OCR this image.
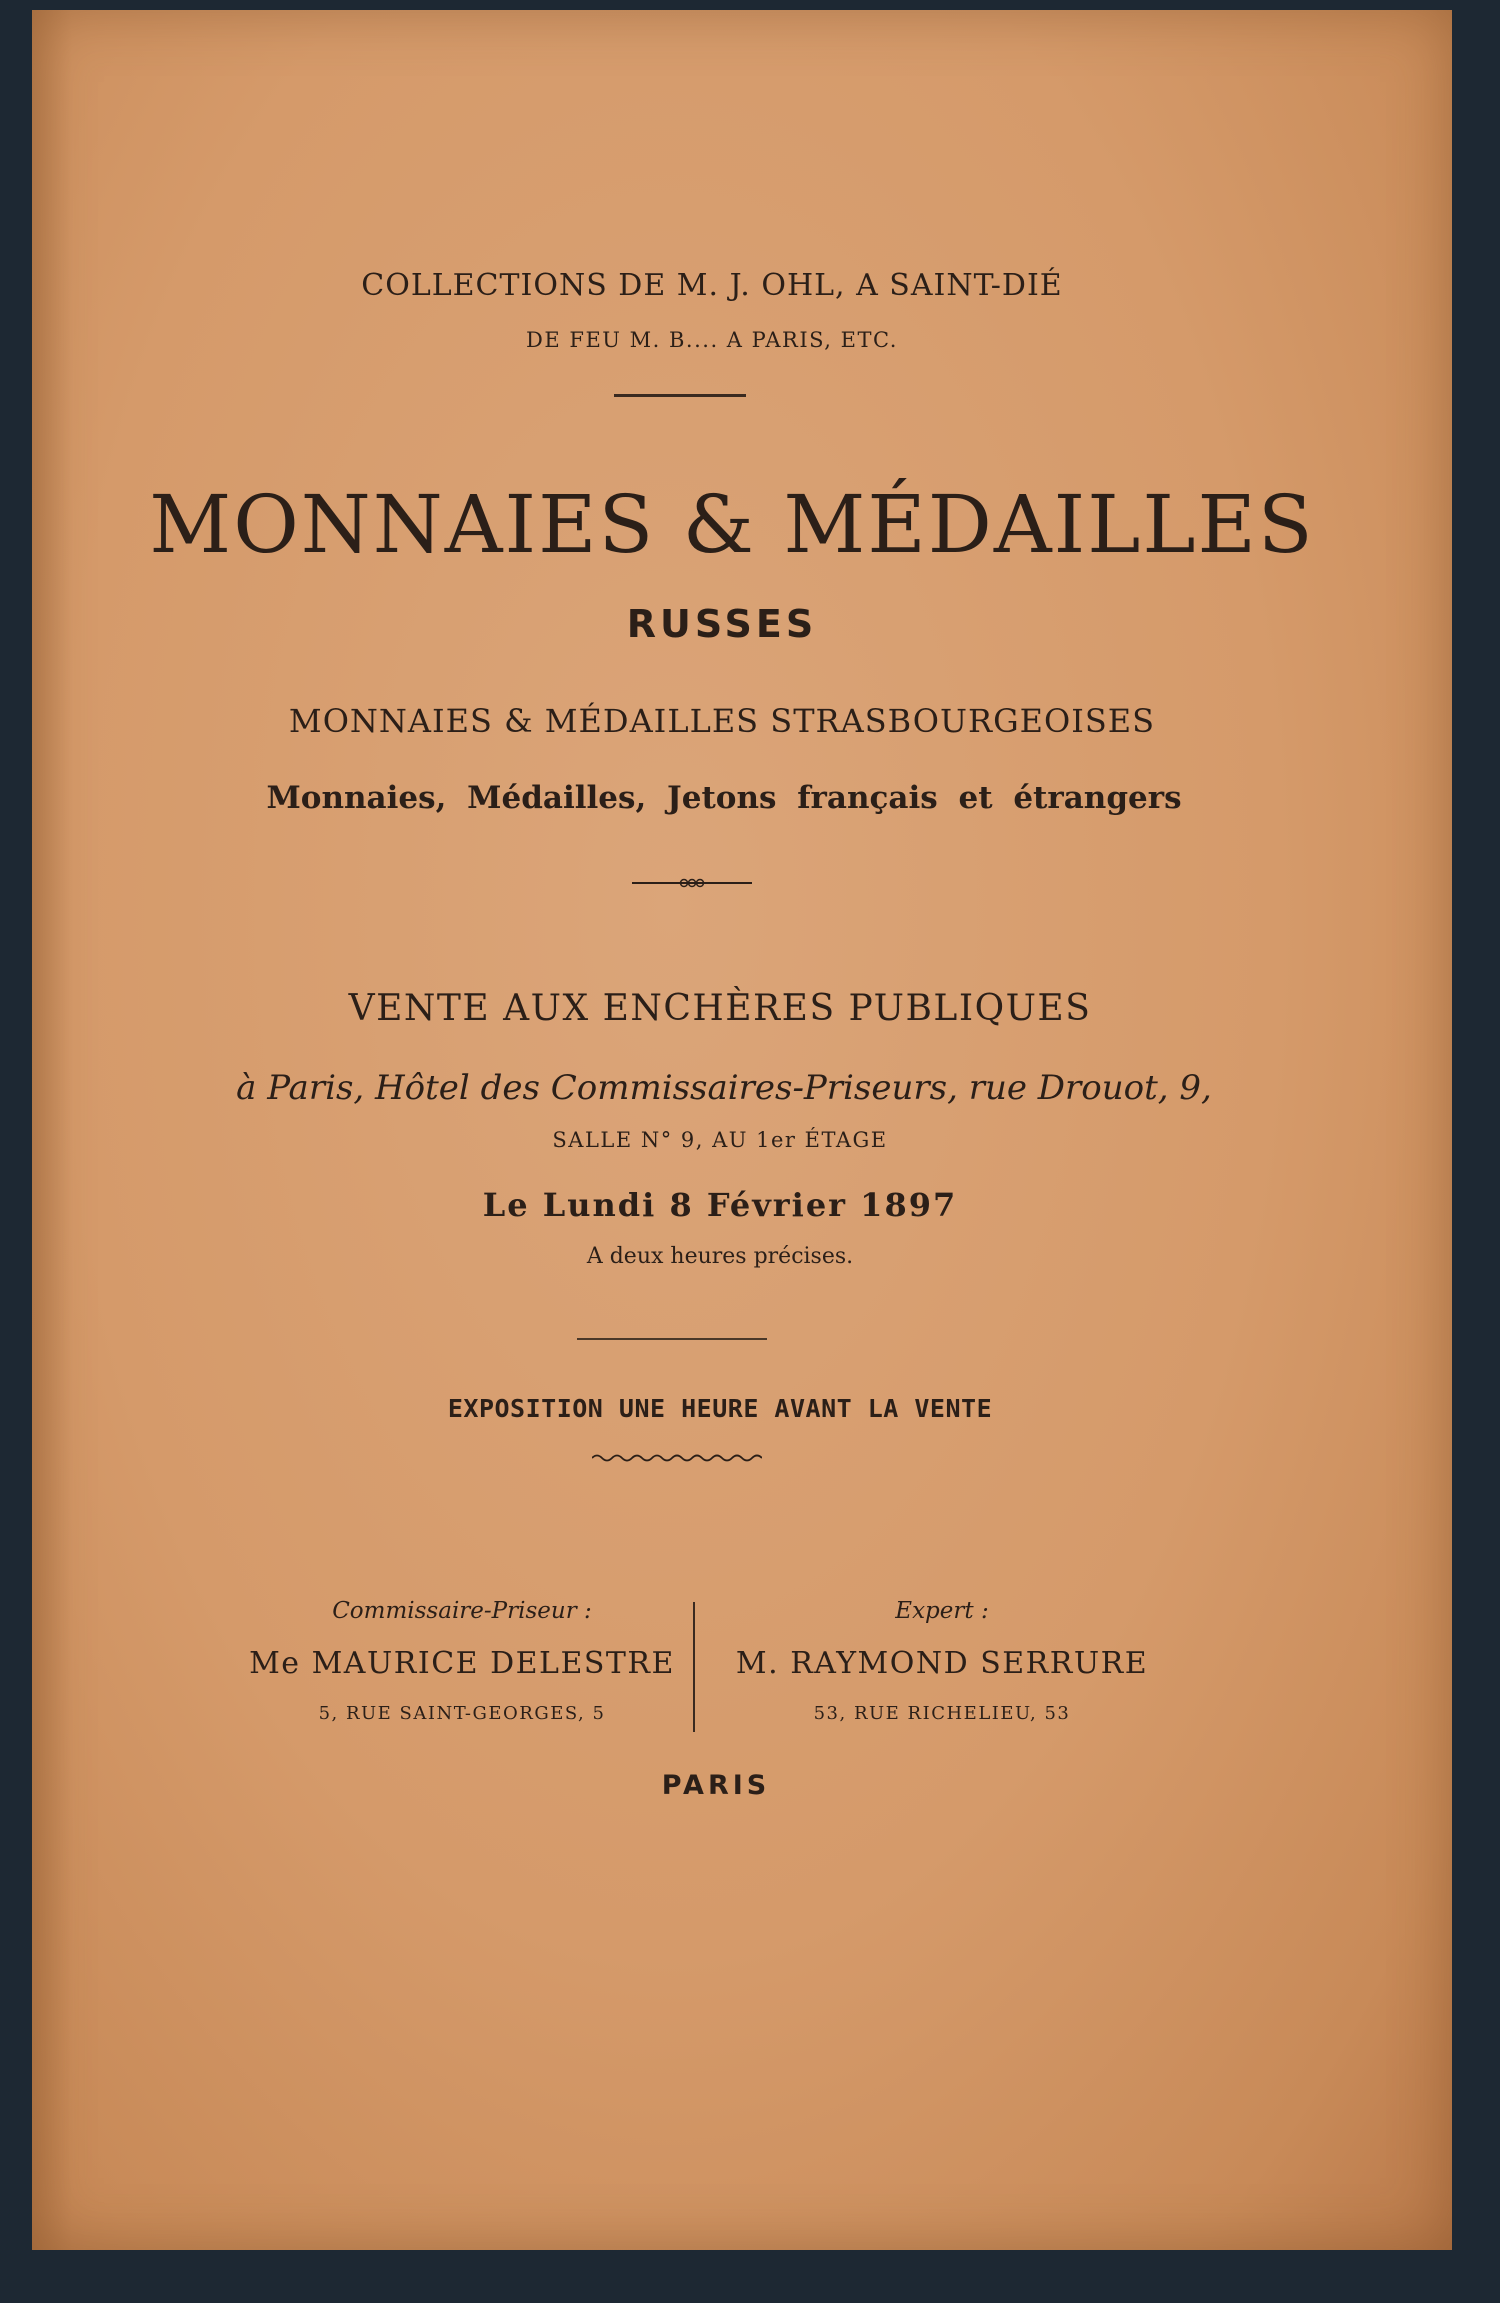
COLLECTIONS DE M. J. OHL, A SAINT-DIÉ
DE FEU M. B.... A PARIS, ETC.
MONNAIES & MÉDAILLES
RUSSES
MONNAIES & MÉDAILLES STRASBOURGEOISES
Monnaies, Médailles, Jetons français et étrangers
VENTE AUX ENCHÈRES PUBLIQUES
à Paris, Hôtel des Commissaires-Priseurs, rue Drouot, 9,
SALLE N° 9, AU 1er ÉTAGE
Le Lundi 8 Février 1897
A deux heures précises.
EXPOSITION UNE HEURE AVANT LA VENTE
Commissaire-Priseur :
Me MAURICE DELESTRE
5, RUE SAINT-GEORGES, 5
Expert :
M. RAYMOND SERRURE
53, RUE RICHELIEU, 53
PARIS
